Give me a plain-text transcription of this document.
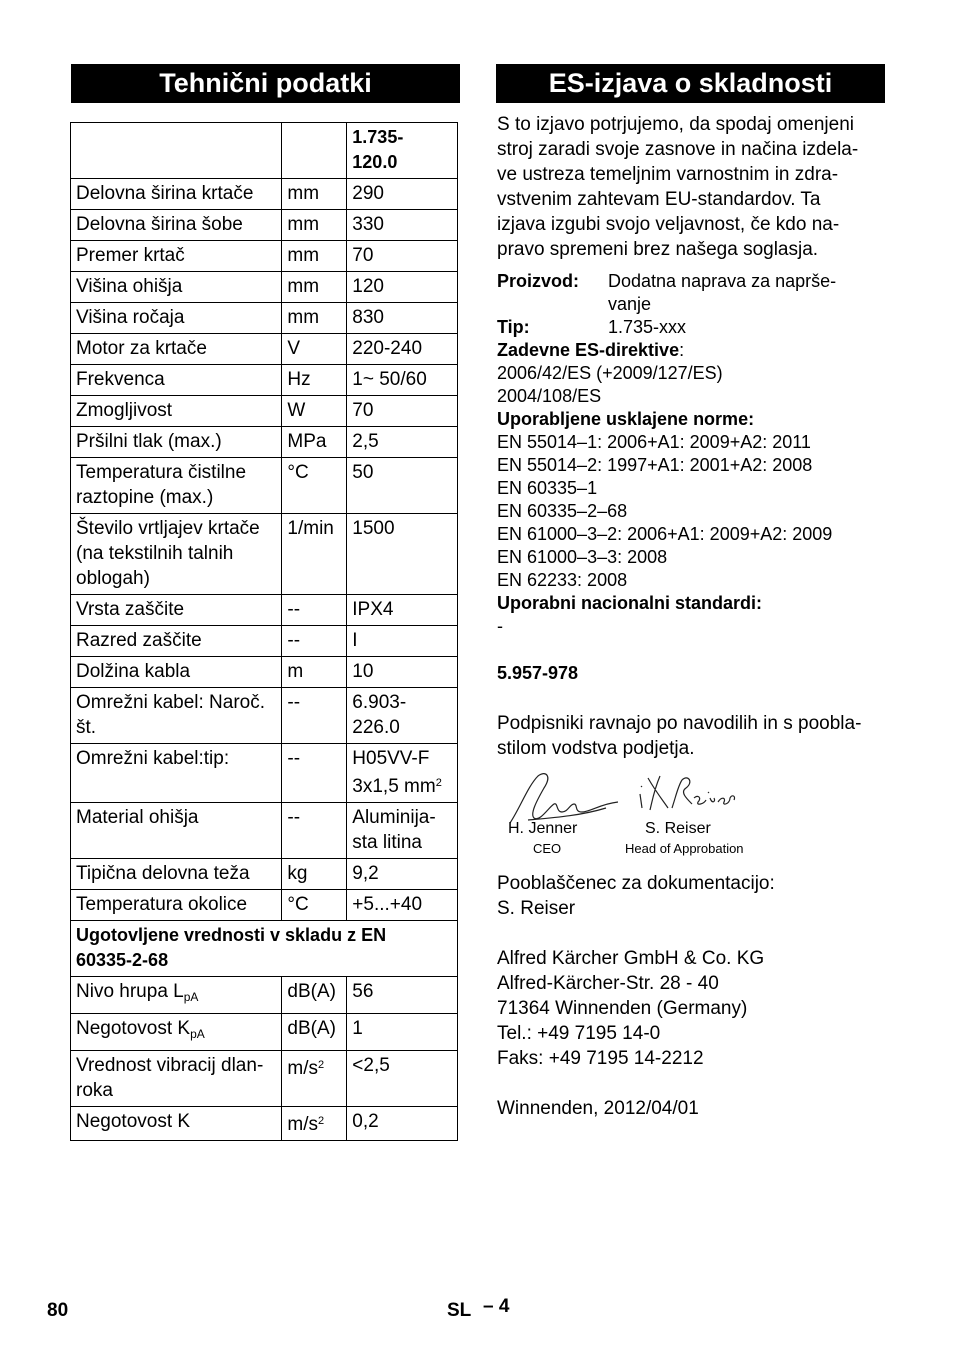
Tehnični podatki	ES-izjava o skladnosti
		1.735-
120.0
Delovna širina krtače	mm	290
Delovna širina šobe	mm	330
Premer krtač	mm	70
Višina ohišja	mm	120
Višina ročaja	mm	830
Motor za krtače	V	220-240
Frekvenca	Hz	1~ 50/60
Zmogljivost	W	70
Pršilni tlak (max.)	MPa	2,5
Temperatura čistilne
raztopine (max.)	°C	50
Število vrtljajev krtače
(na tekstilnih talnih
oblogah)	1/min	1500
Vrsta zaščite	--	IPX4
Razred zaščite	--	I
Dolžina kabla	m	10
Omrežni kabel: Naroč.
št.	--	6.903-
226.0
Omrežni kabel:tip:	--	H05VV-F
3x1,5 $mm^2$
Material ohišja	--	Aluminija-
sta litina
Tipična delovna teža	kg	9,2
Temperatura okolice	°C	+5...+40
Ugotovljene vrednosti v skladu z EN
60335-2-68		
Nivo hrupa $L_{pA}$	dB(A)	56
Negotovost $K_{pA}$	dB(A)	1
Vrednost vibracij dlan-
roka	$m/s^2$	<2,5
Negotovost K	$m/s^2$	0,2
S to izjavo potrjujemo, da spodaj omenjeni
stroj zaradi svoje zasnove in načina izdela-
ve ustreza temeljnim varnostnim in zdra-
vstvenim zahtevam EU-standardov. Ta
izjava izgubi svojo veljavnost, če kdo na-
pravo spremeni brez našega soglasja.
Proizvod:	Dodatna naprava za napršе-
vanje
Tip:	1.735-xxx
Zadevne ES-direktive:
2006/42/ES (+2009/127/ES)
2004/108/ES
Uporabljene usklajene norme:
EN 55014–1: 2006+A1: 2009+A2: 2011
EN 55014–2: 1997+A1: 2001+A2: 2008
EN 60335–1
EN 60335–2–68
EN 61000–3–2: 2006+A1: 2009+A2: 2009
EN 61000–3–3: 2008
EN 62233: 2008
Uporabni nacionalni standardi:
-
5.957-978
Podpisniki ravnajo po navodilih in s poobla-
stilom vodstva podjetja.
H. Jenner
CEO
S. Reiser
Head of Approbation
Pooblaščenec za dokumentacijo:
S. Reiser
Alfred Kärcher GmbH & Co. KG
Alfred-Kärcher-Str. 28 - 40
71364 Winnenden (Germany)
Tel.: +49 7195 14-0
Faks: +49 7195 14-2212
Winnenden, 2012/04/01
80	SL – 4
